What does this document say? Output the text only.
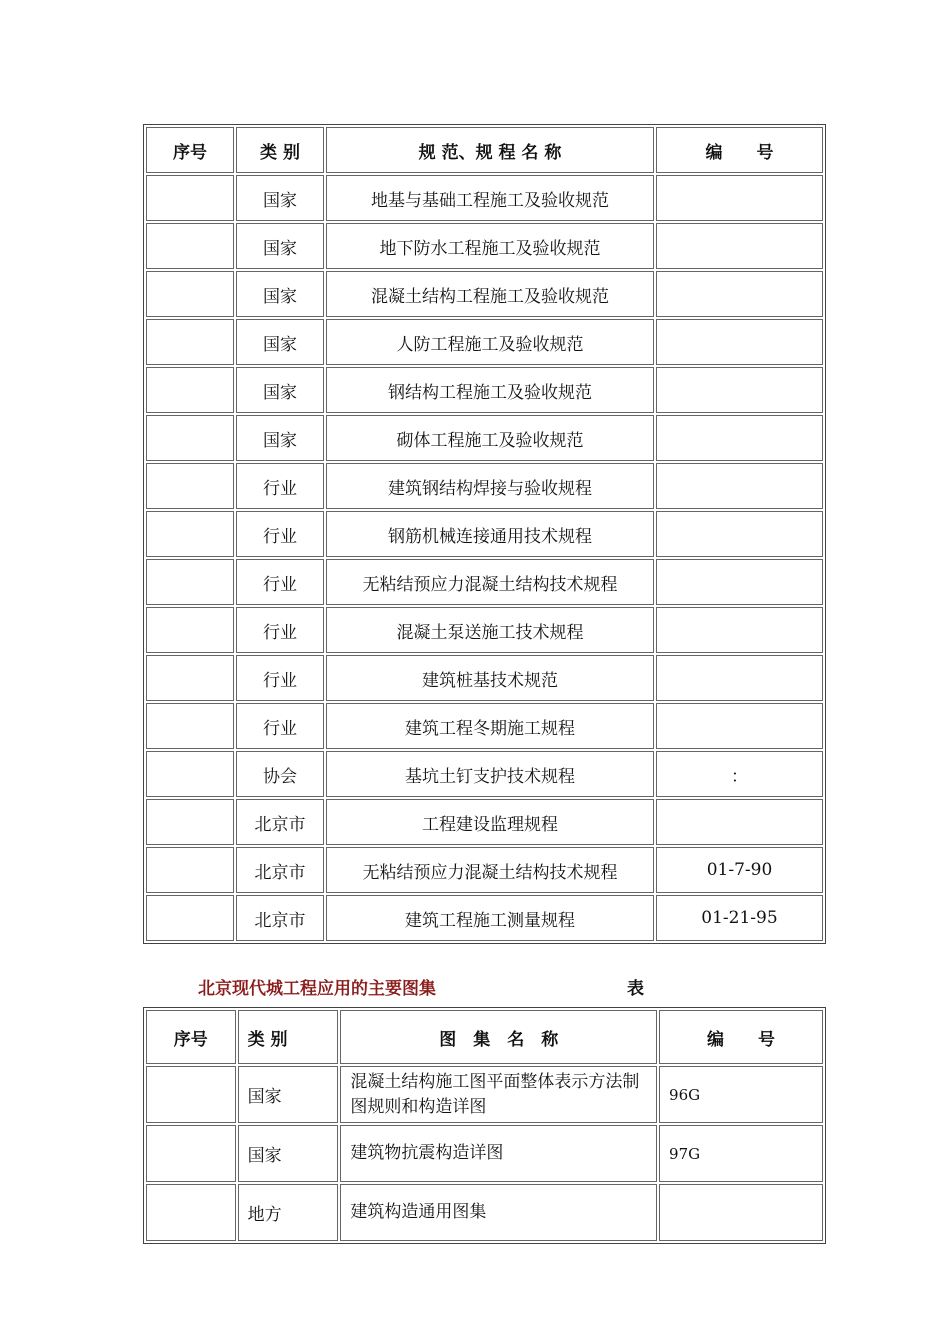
序号	类 别	规 范、规 程 名 称	编　　号
	国家	地基与基础工程施工及验收规范	
	国家	地下防水工程施工及验收规范	
	国家	混凝土结构工程施工及验收规范	
	国家	人防工程施工及验收规范	
	国家	钢结构工程施工及验收规范	
	国家	砌体工程施工及验收规范	
	行业	建筑钢结构焊接与验收规程	
	行业	钢筋机械连接通用技术规程	
	行业	无粘结预应力混凝土结构技术规程	
	行业	混凝土泵送施工技术规程	
	行业	建筑桩基技术规范	
	行业	建筑工程冬期施工规程	
	协会	基坑土钉支护技术规程	：
	北京市	工程建设监理规程	
	北京市	无粘结预应力混凝土结构技术规程	01-7-90
	北京市	建筑工程施工测量规程	01-21-95
北京现代城工程应用的主要图集	表
序号	类 别	图　集　名　称	编　　号
	国家	混凝土结构施工图平面整体表示方法制图规则和构造详图	96G
	国家	建筑物抗震构造详图	97G
	地方	建筑构造通用图集	
